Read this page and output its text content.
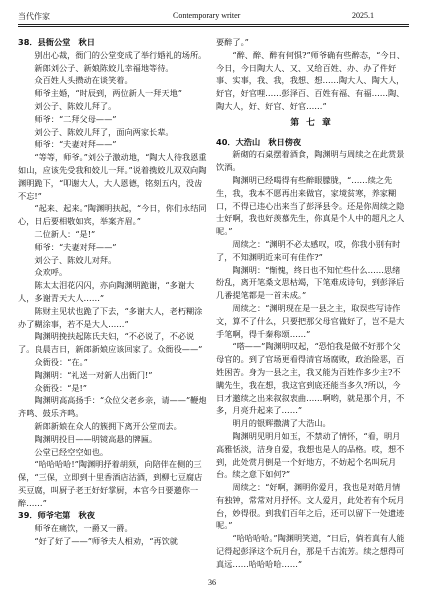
当代作家	Contemporary writer	2025.1

38．县衙公堂　秋日

别出心裁，衙门的公堂变成了举行婚礼的场所。

新郎刘公子、新娘陈姣儿幸福地等待。

众百姓人头攒动在谈笑着。

师爷主婚，“时辰到，两位新人一拜天地”

刘公子、陈姣儿拜了。

师爷：“二拜父母——”

刘公子、陈姣儿拜了，面向两家长辈。

师爷：“夫妻对拜——”

“等等，师爷。”刘公子激动地，“陶大人待我恩重如山，应该先受我和姣儿一拜。”说着携姣儿双双向陶渊明跪下，“叩谢大人，大人恩德，铭刻五内，没齿不忘!”

“起来、起来。”陶渊明扶起，“今日，你们永结同心，日后要相敬如宾，举案齐眉。”

二位新人：“是!”

师爷：“夫妻对拜——”

刘公子、陈姣儿对拜。

众欢呼。

陈太太泪花闪闪，亦向陶渊明跪谢，“多谢大人，多谢青天大人……”

陈财主见状也跪了下去，“多谢大人，老朽糊涂办了糊涂事，若不是大人……”

陶渊明挽扶起陈氏夫妇，“不必说了，不必说了。良晨吉日，新郎新娘应该回家了。众衙役——”

众衙役：“在。”

陶渊明：“礼送一对新人出衙门!”

众衙役：“是!”

陶渊明高高扬手：“众位父老乡亲，请——”鞭炮齐鸣、鼓乐齐鸣。

新郎新娘在众人的簇拥下离开公堂而去。

陶渊明投目——明镜高悬的牌匾。

公堂已经空空如也。

“哈哈哈哈!”陶渊明抒着胡须，向陪伴在侧的三保，“三保，立即到十里香酒店沽酒，到柳七豆腐店买豆腐，叫厨子老王好好掌厨，本官今日要邀你一醉……”

39．师爷宅第　秋夜

师爷在痛饮，一爵又一爵。

“好了好了——”师爷夫人相劝，“再饮就

要醉了。”

“醉、醉、醉有何惧?”师爷确有些醉态，“今日、今日，今日陶大人、又、又给百姓、办、办了件好事、实事，我、我，我想、想……陶大人、陶大人，好官，好官哩……彭泽百、百姓有福、有福……陶、陶大人，好、好官、好官……”

第 七 章

40．大浩山　秋日傍夜

新砌的石桌摆着酒食，陶渊明与周续之在此赏景饮酒。

陶渊明已经喝得有些醉眼朦胧，“……续之先生，我，我本不愿再出来做官，家境贫寒，养家糊口，不得已违心出来当了彭泽县令。还是你周续之隐士好啊，我也好羡慕先生，你真是个人中的超凡之人呢。”

周续之：“渊明不必太感叹，哎，你我小别有时了，不知渊明近来可有佳作?”

陶渊明：“惭愧，终日也不知忙些什么……思绪纷乱，离开笔桑文思枯竭，下笔难成诗句，到彭泽后几番提笔都是一首未成。”

周续之：“渊明现在是一县之主，取误些写诗作文，算不了什么，只要把那父母官做好了，岂不是大手笔啊，得千秦称颂……”

“嗒——”陶渊明叹起，“恐怕我是做不好那个父母官的。到了官场更看得清官场腐败，政治险恶，百姓困苦。身为一县之主，我又能为百姓作多少主?不瞒先生，我在想，我这官到底还能当多久?所以，今日才邀续之出来叙叙衷曲……啊哟，就是那个月，不多，月亮升起来了……”

明月的银辉撒满了大浩山。

陶渊明见明月如玉，不禁动了情怀，“看，明月高雅恬淡，洁身自爱，我想也是人的品格。哎，想不到，此处赏月倒是一个好地方，不妨起个名叫玩月台。续之意下如何?”

周续之：“好啊，渊明你爱月，我也是对皓月情有独钟，常常对月抒怀。文人爱月，此处若有个玩月台，妙得很。到我们百年之后，还可以留下一处遗迹呢。”

“哈哈哈哈。”陶渊明笑道，“日后，倘若真有人能记得起彭泽这个玩月台，那是千古流芳。续之想得可真远……哈哈哈哈……”

36
